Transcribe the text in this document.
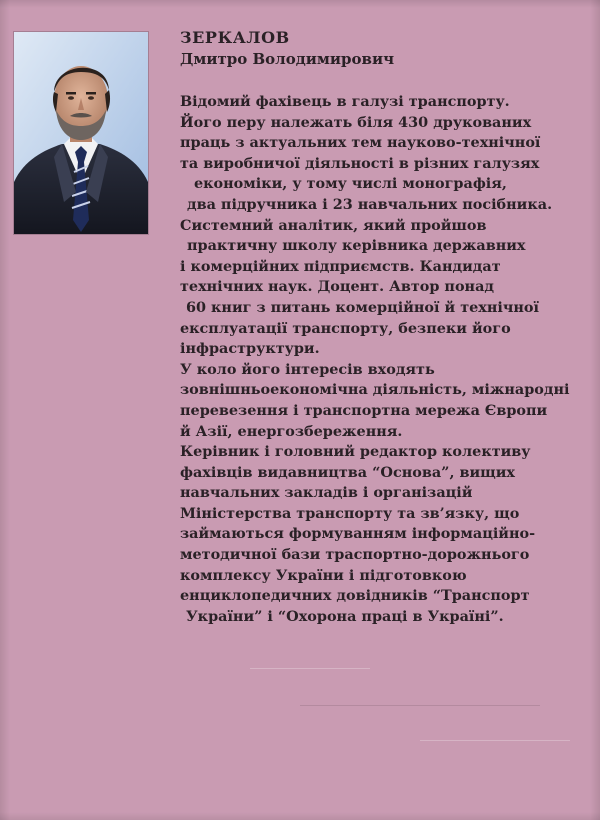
ЗЕРКАЛОВ
Дмитро Володимирович
Відомий фахівець в галузі транспорту.
Його перу належать біля 430 друкованих
праць з актуальних тем науково-технічної
та виробничої діяльності в різних галузях
економіки, у тому числі монографія,
два підручника і 23 навчальних посібника.
Системний аналітик, який пройшов
практичну школу керівника державних
і комерційних підприємств. Кандидат
технічних наук. Доцент. Автор понад
60 книг з питань комерційної й технічної
експлуатації транспорту, безпеки його
інфраструктури.
У коло його інтересів входять
зовнішньоекономічна діяльність, міжнародні
перевезення і транспортна мережа Європи
й Азії, енергозбереження.
Керівник і головний редактор колективу
фахівців видавництва “Основа”, вищих
навчальних закладів і організацій
Міністерства транспорту та зв’язку, що
займаються формуванням інформаційно-
методичної бази траспортно-дорожнього
комплексу України і підготовкою
енциклопедичних довідників “Транспорт
України” і “Охорона праці в Україні”.
